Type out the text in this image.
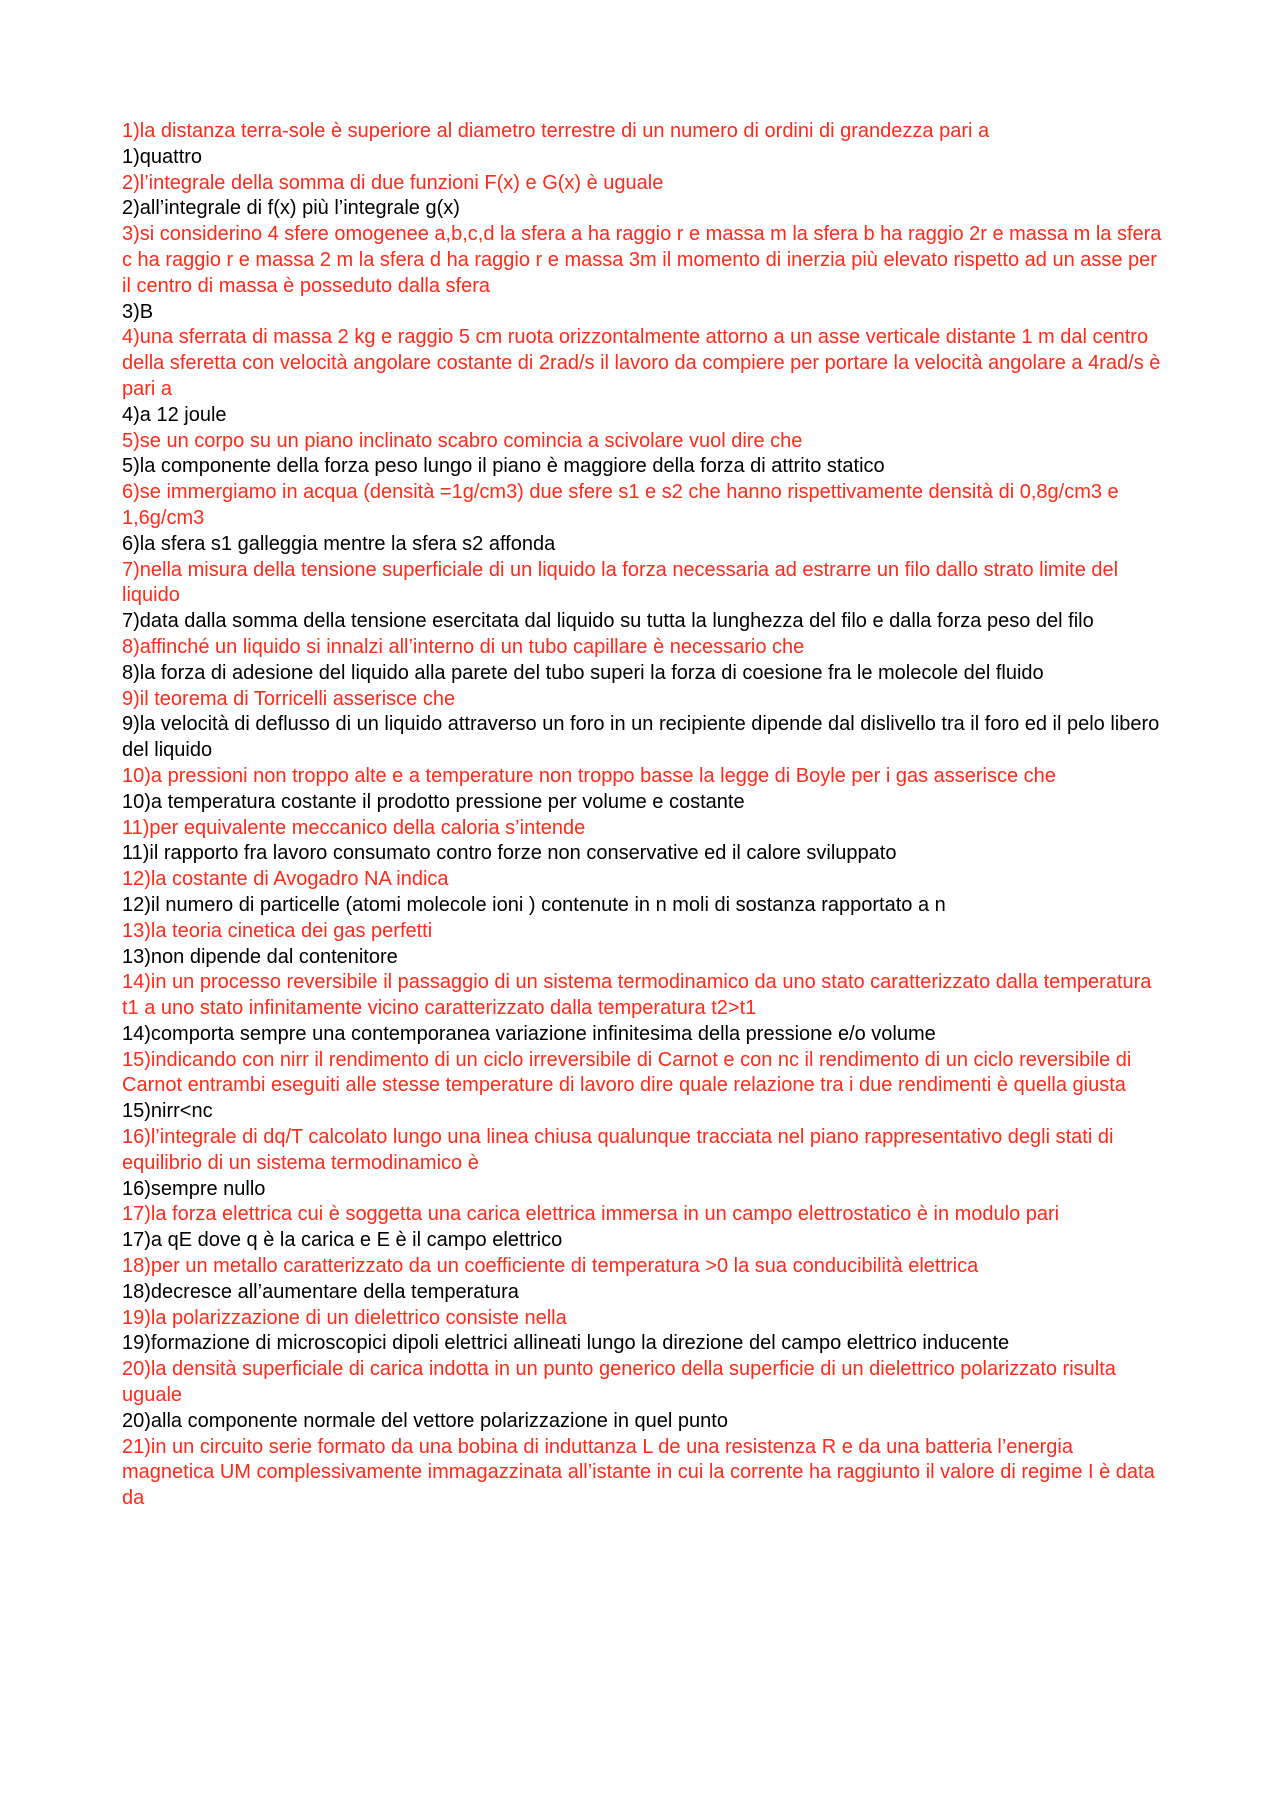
1)la distanza terra-sole è superiore al diametro terrestre di un numero di ordini di grandezza pari a

1)quattro

2)l’integrale della somma di due funzioni F(x) e G(x) è uguale

2)all’integrale di f(x) più l’integrale g(x)

3)si considerino 4 sfere omogenee a,b,c,d la sfera a ha raggio r e massa m la sfera b ha raggio 2r e massa m la sfera c ha raggio r e massa 2 m la sfera d ha raggio r e massa 3m il momento di inerzia più elevato rispetto ad un asse per il centro di massa è posseduto dalla sfera

3)B

4)una sferrata di massa 2 kg e raggio 5 cm ruota orizzontalmente attorno a un asse verticale distante 1 m dal centro della sferetta con velocità angolare costante di 2rad/s il lavoro da compiere per portare la velocità angolare a 4rad/s è pari a

4)a 12 joule

5)se un corpo su un piano inclinato scabro comincia a scivolare vuol dire che

5)la componente della forza peso lungo il piano è maggiore della forza di attrito statico

6)se immergiamo in acqua (densità =1g/cm3) due sfere s1 e s2 che hanno rispettivamente densità di 0,8g/cm3 e 1,6g/cm3

6)la sfera s1 galleggia mentre la sfera s2 affonda

7)nella misura della tensione superficiale di un liquido la forza necessaria ad estrarre un filo dallo strato limite del liquido

7)data dalla somma della tensione esercitata dal liquido su tutta la lunghezza del filo e dalla forza peso del filo

8)affinché un liquido si innalzi all’interno di un tubo capillare è necessario che

8)la forza di adesione del liquido alla parete del tubo superi la forza di coesione fra le molecole del fluido

9)il teorema di Torricelli asserisce che

9)la velocità di deflusso di un liquido attraverso un foro in un recipiente dipende dal dislivello tra il foro ed il pelo libero del liquido

10)a pressioni non troppo alte e a temperature non troppo basse la legge di Boyle per i gas asserisce che

10)a temperatura costante il prodotto pressione per volume e costante

11)per equivalente meccanico della caloria s’intende

11)il rapporto fra lavoro consumato contro forze non conservative ed il calore sviluppato

12)la costante di Avogadro NA indica

12)il numero di particelle (atomi molecole ioni ) contenute in n moli di sostanza rapportato a n

13)la teoria cinetica dei gas perfetti

13)non dipende dal contenitore

14)in un processo reversibile il passaggio di un sistema termodinamico da uno stato caratterizzato dalla temperatura t1 a uno stato infinitamente vicino caratterizzato dalla temperatura t2>t1

14)comporta sempre una contemporanea variazione infinitesima della pressione e/o volume

15)indicando con nirr il rendimento di un ciclo irreversibile di Carnot e con nc il rendimento di un ciclo reversibile di Carnot entrambi eseguiti alle stesse temperature di lavoro dire quale relazione tra i due rendimenti è quella giusta

15)nirr<nc

16)l’integrale di dq/T calcolato lungo una linea chiusa qualunque tracciata nel piano rappresentativo degli stati di equilibrio di un sistema termodinamico è

16)sempre nullo

17)la forza elettrica cui è soggetta una carica elettrica immersa in un campo elettrostatico è in modulo pari

17)a qE dove q è la carica e E è il campo elettrico

18)per un metallo caratterizzato da un coefficiente di temperatura >0 la sua conducibilità elettrica

18)decresce all’aumentare della temperatura

19)la polarizzazione di un dielettrico consiste nella

19)formazione di microscopici dipoli elettrici allineati lungo la direzione del campo elettrico inducente

20)la densità superficiale di carica indotta in un punto generico della superficie di un dielettrico polarizzato risulta uguale

20)alla componente normale del vettore polarizzazione in quel punto

21)in un circuito serie formato da una bobina di induttanza L de una resistenza R e da una batteria l’energia magnetica UM complessivamente immagazzinata all’istante in cui la corrente ha raggiunto il valore di regime I è data da
